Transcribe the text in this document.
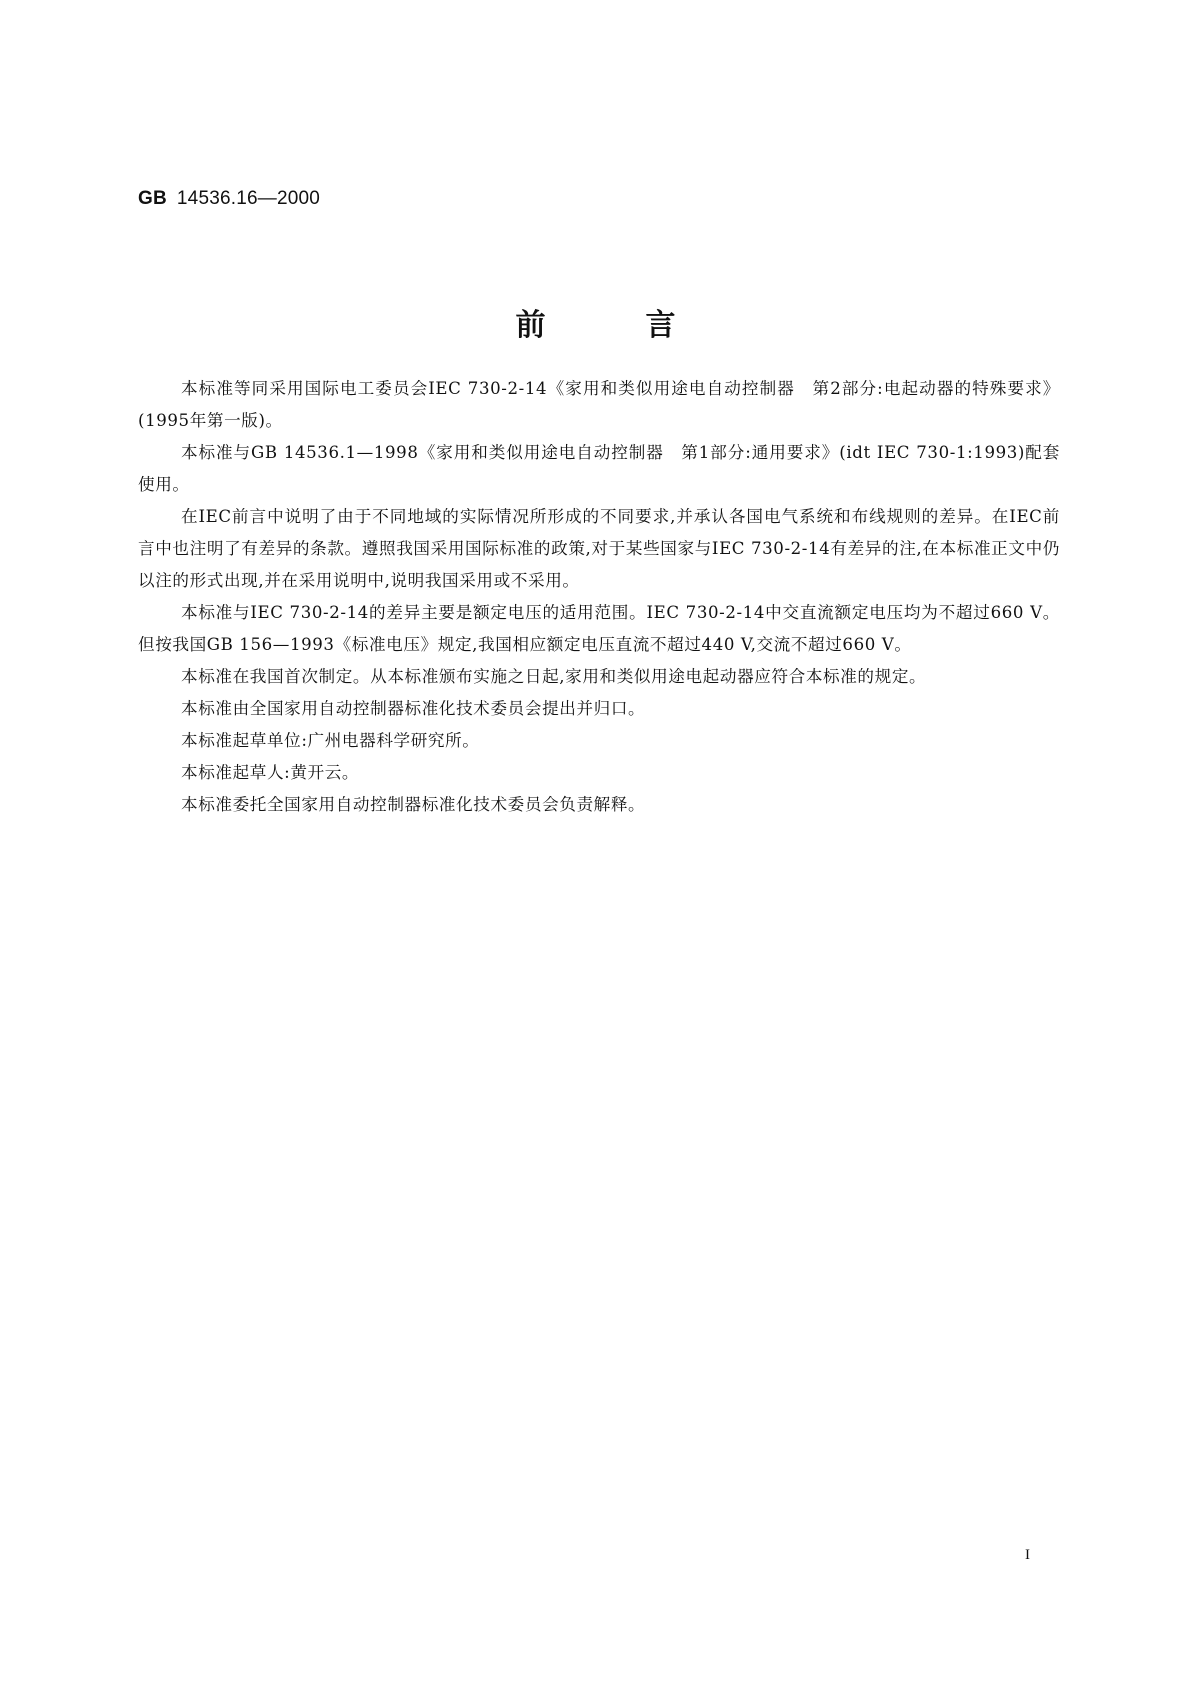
GB 14536.16—2000
前言

本标准等同采用国际电工委员会IEC 730-2-14《家用和类似用途电自动控制器　第2部分:电起动器的特殊要求》(1995年第一版)。

本标准与GB 14536.1—1998《家用和类似用途电自动控制器　第1部分:通用要求》(idt IEC 730-1:1993)配套使用。

在IEC前言中说明了由于不同地域的实际情况所形成的不同要求,并承认各国电气系统和布线规则的差异。在IEC前言中也注明了有差异的条款。遵照我国采用国际标准的政策,对于某些国家与IEC 730-2-14有差异的注,在本标准正文中仍以注的形式出现,并在采用说明中,说明我国采用或不采用。

本标准与IEC 730-2-14的差异主要是额定电压的适用范围。IEC 730-2-14中交直流额定电压均为不超过660 V。但按我国GB 156—1993《标准电压》规定,我国相应额定电压直流不超过440 V,交流不超过660 V。

本标准在我国首次制定。从本标准颁布实施之日起,家用和类似用途电起动器应符合本标准的规定。

本标准由全国家用自动控制器标准化技术委员会提出并归口。

本标准起草单位:广州电器科学研究所。

本标准起草人:黄开云。

本标准委托全国家用自动控制器标准化技术委员会负责解释。

I
